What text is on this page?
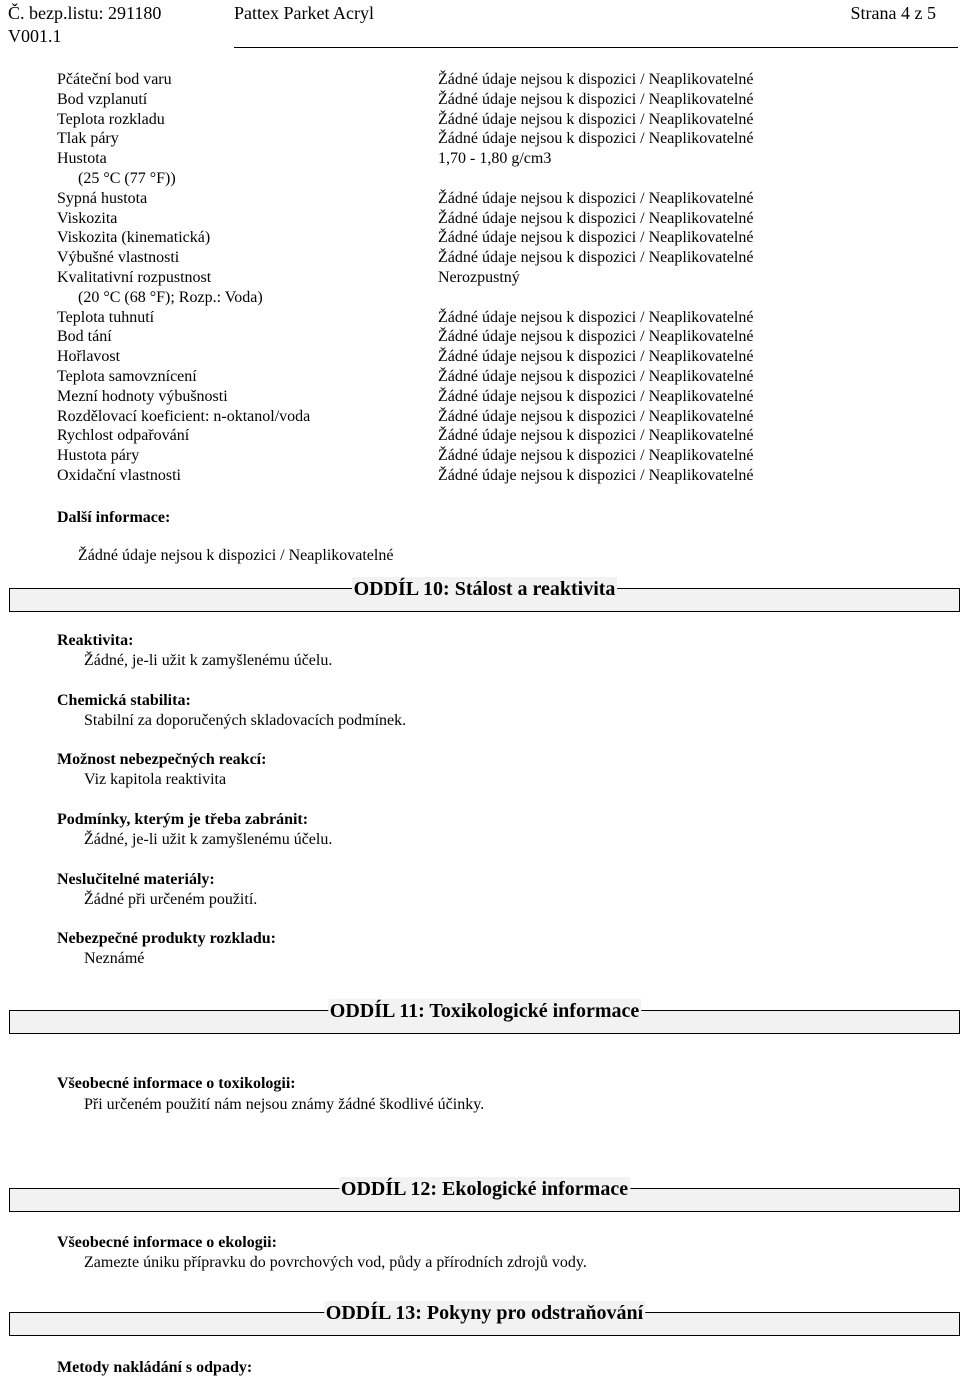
Č. bezp.listu: 291180
V001.1
Pattex Parket Acryl	Strana 4 z 5
Pčáteční bod varu	Žádné údaje nejsou k dispozici / Neaplikovatelné
Bod vzplanutí	Žádné údaje nejsou k dispozici / Neaplikovatelné
Teplota rozkladu	Žádné údaje nejsou k dispozici / Neaplikovatelné
Tlak páry	Žádné údaje nejsou k dispozici / Neaplikovatelné
Hustota	1,70 - 1,80 g/cm3
(25 °C (77 °F))
Sypná hustota	Žádné údaje nejsou k dispozici / Neaplikovatelné
Viskozita	Žádné údaje nejsou k dispozici / Neaplikovatelné
Viskozita (kinematická)	Žádné údaje nejsou k dispozici / Neaplikovatelné
Výbušné vlastnosti	Žádné údaje nejsou k dispozici / Neaplikovatelné
Kvalitativní rozpustnost	Nerozpustný
(20 °C (68 °F); Rozp.: Voda)
Teplota tuhnutí	Žádné údaje nejsou k dispozici / Neaplikovatelné
Bod tání	Žádné údaje nejsou k dispozici / Neaplikovatelné
Hořlavost	Žádné údaje nejsou k dispozici / Neaplikovatelné
Teplota samovznícení	Žádné údaje nejsou k dispozici / Neaplikovatelné
Mezní hodnoty výbušnosti	Žádné údaje nejsou k dispozici / Neaplikovatelné
Rozdělovací koeficient: n-oktanol/voda	Žádné údaje nejsou k dispozici / Neaplikovatelné
Rychlost odpařování	Žádné údaje nejsou k dispozici / Neaplikovatelné
Hustota páry	Žádné údaje nejsou k dispozici / Neaplikovatelné
Oxidační vlastnosti	Žádné údaje nejsou k dispozici / Neaplikovatelné
Další informace:
Žádné údaje nejsou k dispozici / Neaplikovatelné
ODDÍL 10: Stálost a reaktivita
Reaktivita:
Žádné, je-li užit k zamyšlenému účelu.
Chemická stabilita:
Stabilní za doporučených skladovacích podmínek.
Možnost nebezpečných reakcí:
Viz kapitola reaktivita
Podmínky, kterým je třeba zabránit:
Žádné, je-li užit k zamyšlenému účelu.
Neslučitelné materiály:
Žádné při určeném použití.
Nebezpečné produkty rozkladu:
Neznámé
ODDÍL 11: Toxikologické informace
Všeobecné informace o toxikologii:
Při určeném použití nám nejsou známy žádné škodlivé účinky.
ODDÍL 12: Ekologické informace
Všeobecné informace o ekologii:
Zamezte úniku přípravku do povrchových vod, půdy a přírodních zdrojů vody.
ODDÍL 13: Pokyny pro odstraňování
Metody nakládání s odpady:
